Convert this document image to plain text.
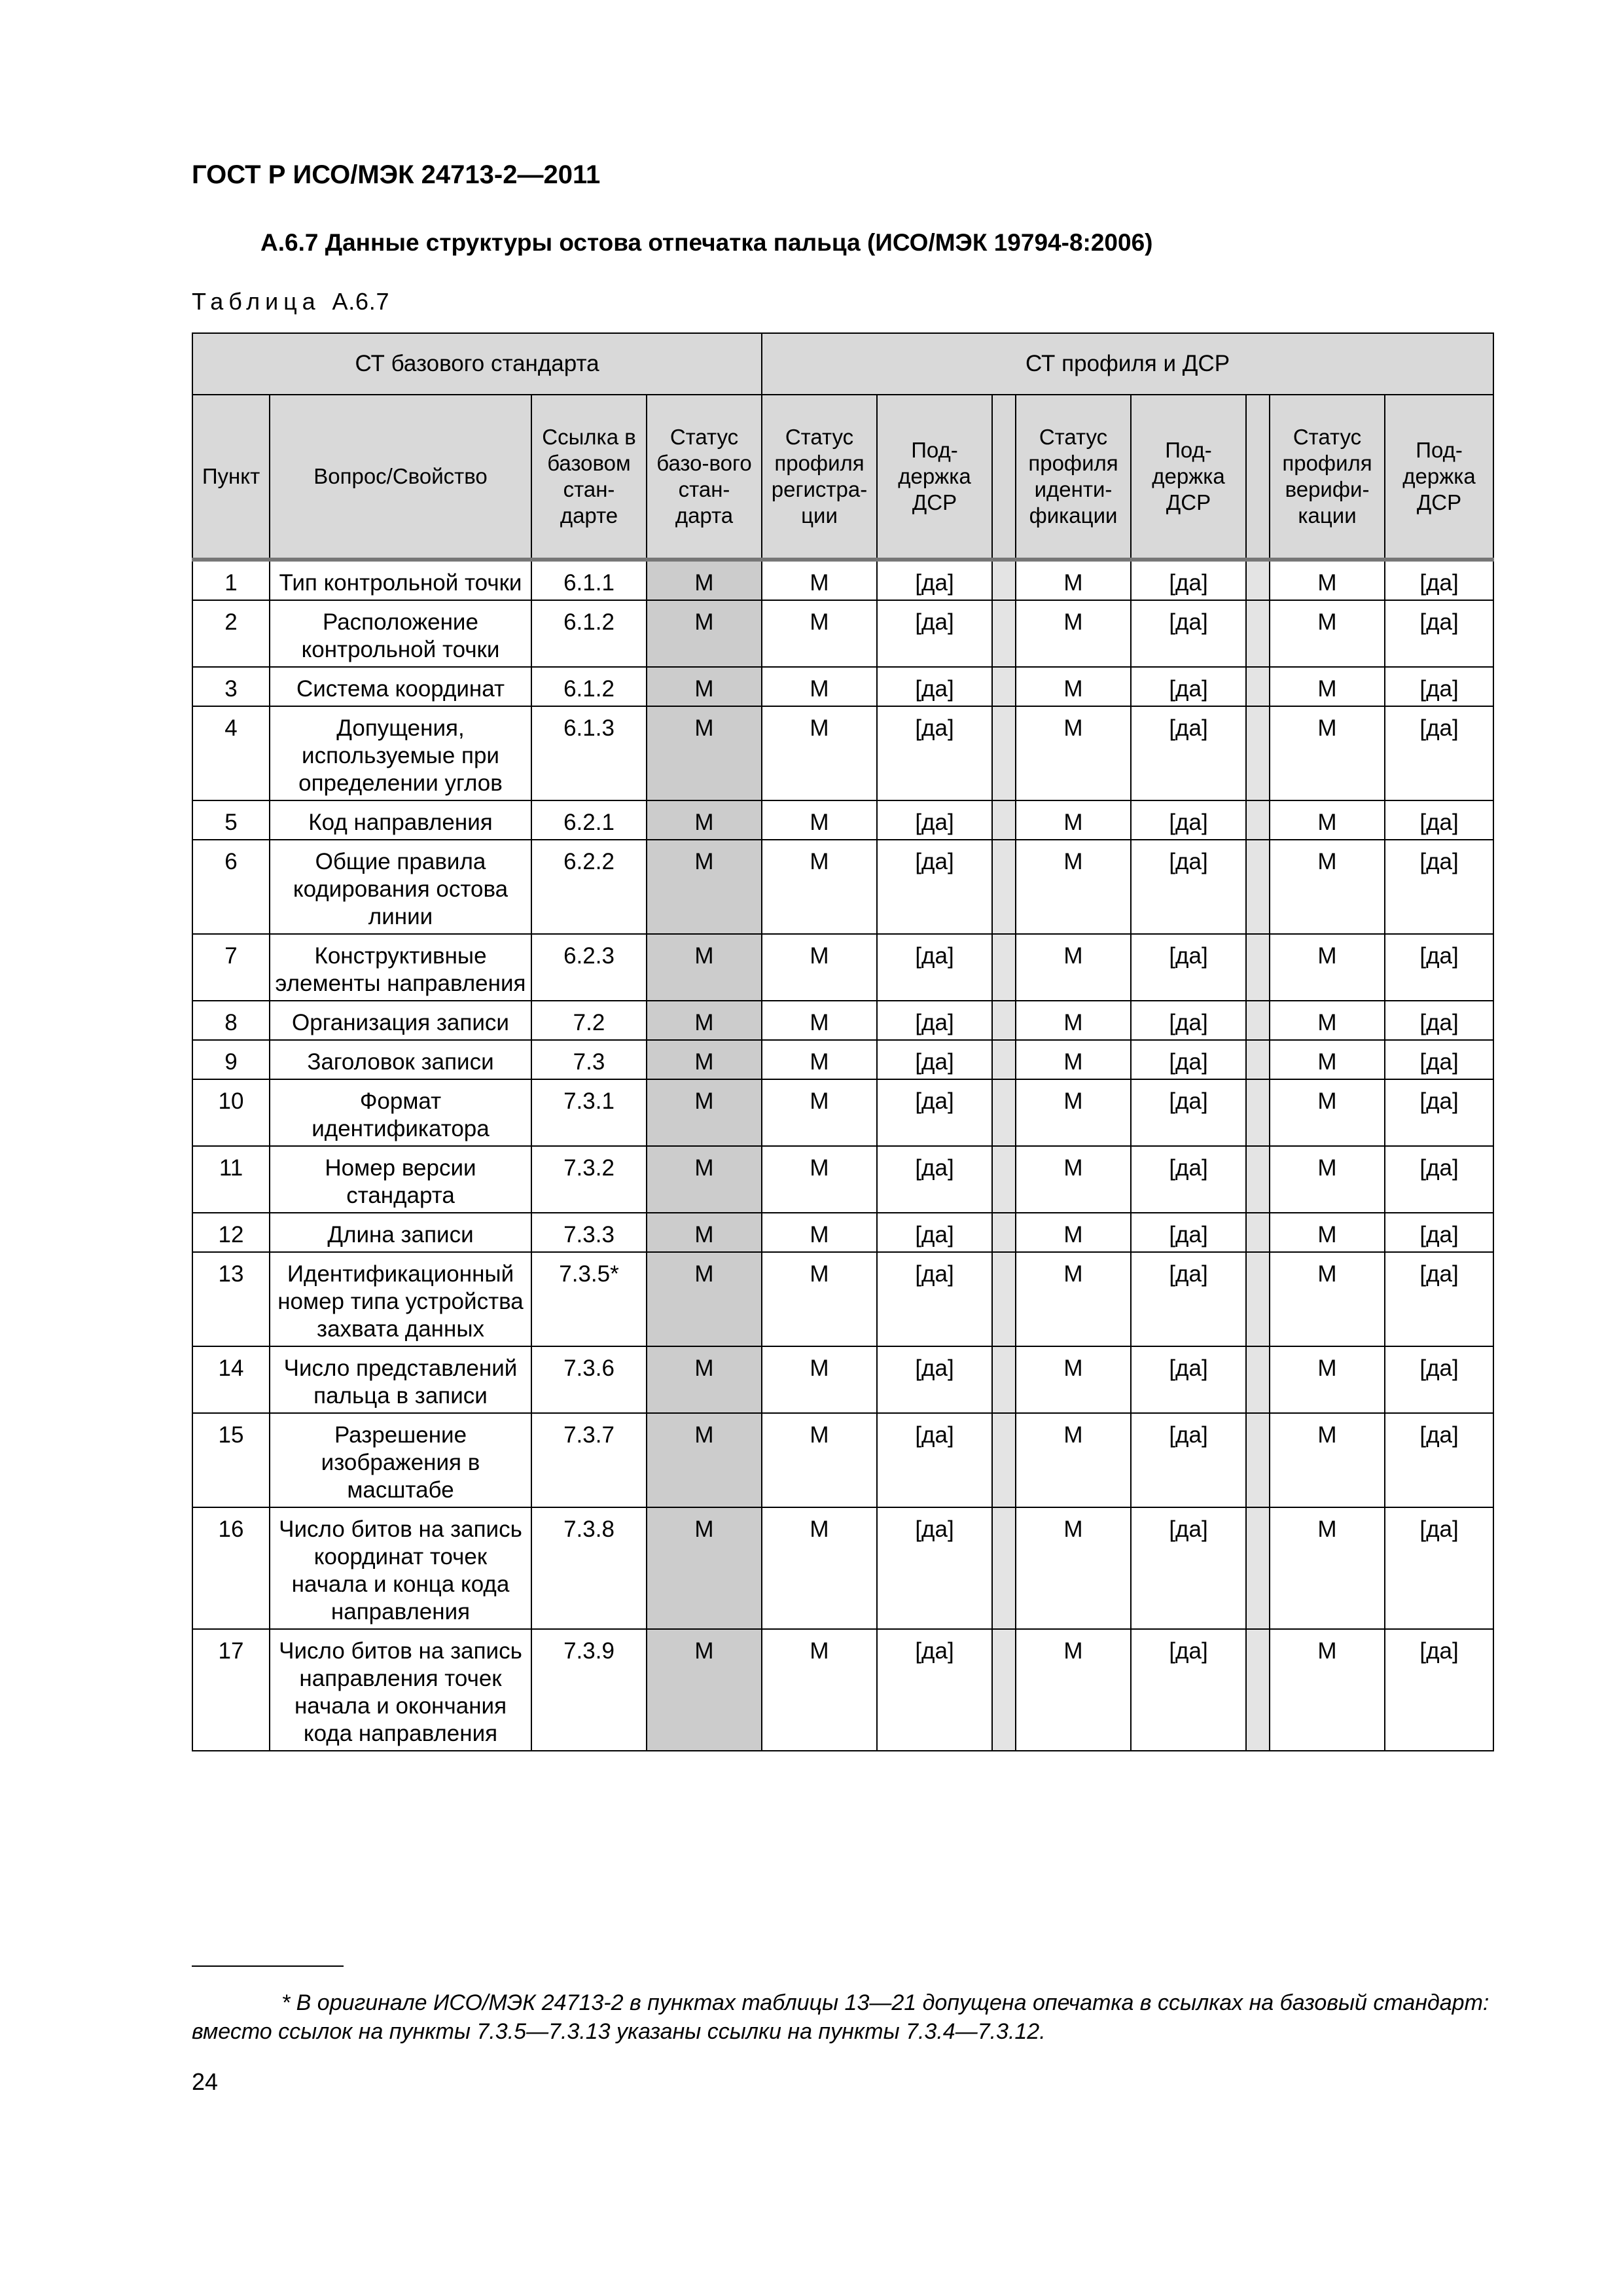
ГОСТ Р ИСО/МЭК 24713-2—2011
А.6.7 Данные структуры остова отпечатка пальца (ИСО/МЭК 19794-8:2006)
Таблица А.6.7
СТ базового стандарта				СТ профиля и ДСР							
Пункт	Вопрос/Свойство	Ссылка в базовом стан-дарте	Статус базо-вого стан-дарта	Статус профиля регистра-ции	Под-держка ДСР		Статус профиля иденти-фикации	Под-держка ДСР		Статус профиля верифи-кации	Под-держка ДСР
1	Тип контрольной точки	6.1.1	M	M	[да]		M	[да]		M	[да]
2	Расположение контрольной точки	6.1.2	M	M	[да]		M	[да]		M	[да]
3	Система координат	6.1.2	M	M	[да]		M	[да]		M	[да]
4	Допущения, используемые при определении углов	6.1.3	M	M	[да]		M	[да]		M	[да]
5	Код направления	6.2.1	M	M	[да]		M	[да]		M	[да]
6	Общие правила кодирования остова линии	6.2.2	M	M	[да]		M	[да]		M	[да]
7	Конструктивные элементы направления	6.2.3	M	M	[да]		M	[да]		M	[да]
8	Организация записи	7.2	M	M	[да]		M	[да]		M	[да]
9	Заголовок записи	7.3	M	M	[да]		M	[да]		M	[да]
10	Формат идентификатора	7.3.1	M	M	[да]		M	[да]		M	[да]
11	Номер версии стандарта	7.3.2	M	M	[да]		M	[да]		M	[да]
12	Длина записи	7.3.3	M	M	[да]		M	[да]		M	[да]
13	Идентификационный номер типа устройства захвата данных	7.3.5*	M	M	[да]		M	[да]		M	[да]
14	Число представлений пальца в записи	7.3.6	M	M	[да]		M	[да]		M	[да]
15	Разрешение изображения в масштабе	7.3.7	M	M	[да]		M	[да]		M	[да]
16	Число битов на запись координат точек начала и конца кода направления	7.3.8	M	M	[да]		M	[да]		M	[да]
17	Число битов на запись направления точек начала и окончания кода направления	7.3.9	M	M	[да]		M	[да]		M	[да]
* В оригинале ИСО/МЭК 24713-2 в пунктах таблицы 13—21 допущена опечатка в ссылках на базовый стандарт: вместо ссылок на пункты 7.3.5—7.3.13 указаны ссылки на пункты 7.3.4—7.3.12.
24
